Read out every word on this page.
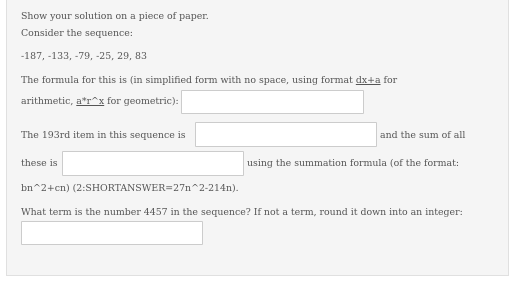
Show your solution on a piece of paper.
Consider the sequence:
-187, -133, -79, -25, 29, 83
The formula for this is (in simplified form with no space, using format dx+a for
arithmetic, a*r^x for geometric):
The 193rd item in this sequence is	and the sum of all
these is	using the summation formula (of the format:
bn^2+cn) (2:SHORTANSWER=27n^2-214n).
What term is the number 4457 in the sequence? If not a term, round it down into an integer:
